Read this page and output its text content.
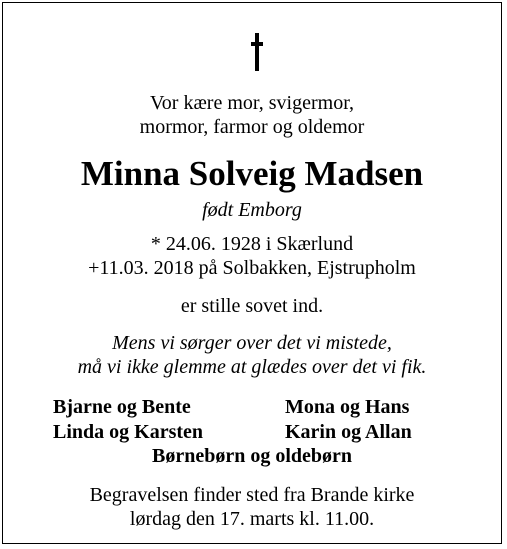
Vor kære mor, svigermor,
mormor, farmor og oldemor
Minna Solveig Madsen
født Emborg
* 24.06. 1928 i Skærlund
+11.03. 2018 på Solbakken, Ejstrupholm
er stille sovet ind.
Mens vi sørger over det vi mistede,
må vi ikke glemme at glædes over det vi fik.
Bjarne og Bente
Linda og Karsten
Mona og Hans
Karin og Allan
Børnebørn og oldebørn
Begravelsen finder sted fra Brande kirke
lørdag den 17. marts kl. 11.00.
